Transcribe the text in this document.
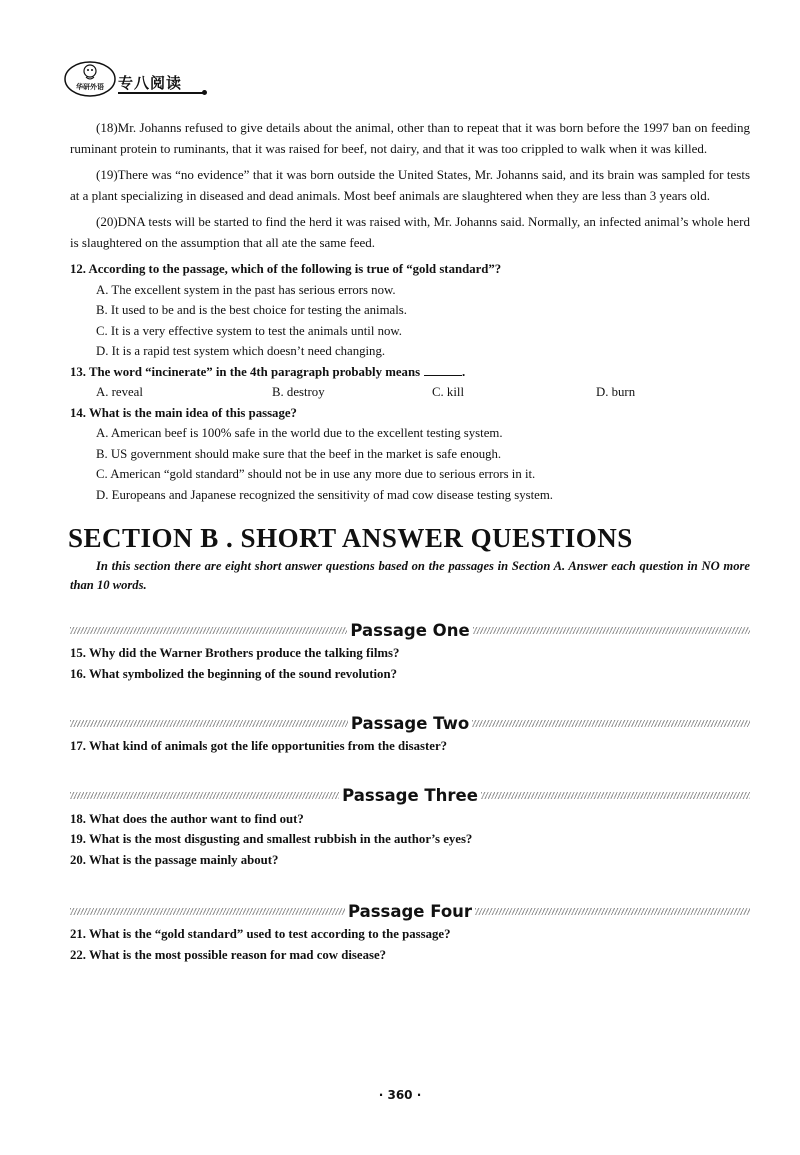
华研外语 专八阅读

(18)Mr. Johanns refused to give details about the animal, other than to repeat that it was born before the 1997 ban on feeding ruminant protein to ruminants, that it was raised for beef, not dairy, and that it was too crippled to walk when it was killed.

(19)There was “no evidence” that it was born outside the United States, Mr. Johanns said, and its brain was sampled for tests at a plant specializing in diseased and dead animals. Most beef animals are slaughtered when they are less than 3 years old.

(20)DNA tests will be started to find the herd it was raised with, Mr. Johanns said. Normally, an infected animal’s whole herd is slaughtered on the assumption that all ate the same feed.

12. According to the passage, which of the following is true of “gold standard”?
A. The excellent system in the past has serious errors now.
B. It used to be and is the best choice for testing the animals.
C. It is a very effective system to test the animals until now.
D. It is a rapid test system which doesn’t need changing.
13. The word “incinerate” in the 4th paragraph probably means	.
A. reveal	B. destroy	C. kill	D. burn
14. What is the main idea of this passage?
A. American beef is 100% safe in the world due to the excellent testing system.
B. US government should make sure that the beef in the market is safe enough.
C. American “gold standard” should not be in use any more due to serious errors in it.
D. Europeans and Japanese recognized the sensitivity of mad cow disease testing system.
SECTION B . SHORT ANSWER QUESTIONS

In this section there are eight short answer questions based on the passages in Section A. Answer each question in NO more than 10 words.

Passage One
15. Why did the Warner Brothers produce the talking films?
16. What symbolized the beginning of the sound revolution?
Passage Two
17. What kind of animals got the life opportunities from the disaster?
Passage Three
18. What does the author want to find out?
19. What is the most disgusting and smallest rubbish in the author’s eyes?
20. What is the passage mainly about?
Passage Four
21. What is the “gold standard” used to test according to the passage?
22. What is the most possible reason for mad cow disease?
· 360 ·
